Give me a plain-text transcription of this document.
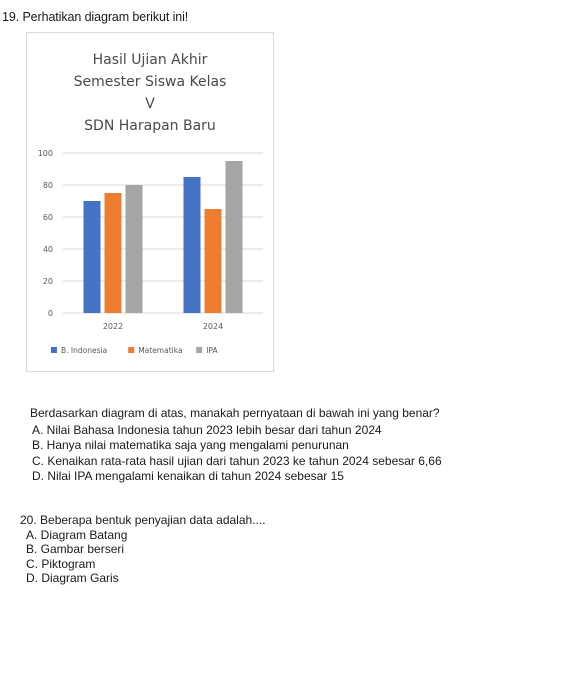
19. Perhatikan diagram berikut ini!
Hasil Ujian Akhir
Semester Siswa Kelas
V
SDN Harapan Baru
0
20
40
60
80
100
2022	2024
B. Indonesia	Matematika	IPA
Berdasarkan diagram di atas, manakah pernyataan di bawah ini yang benar?
A. Nilai Bahasa Indonesia tahun 2023 lebih besar dari tahun 2024
B. Hanya nilai matematika saja yang mengalami penurunan
C. Kenaikan rata-rata hasil ujian dari tahun 2023 ke tahun 2024 sebesar 6,66
D. Nilai IPA mengalami kenaikan di tahun 2024 sebesar 15
20. Beberapa bentuk penyajian data adalah....
A. Diagram Batang
B. Gambar berseri
C. Piktogram
D. Diagram Garis
